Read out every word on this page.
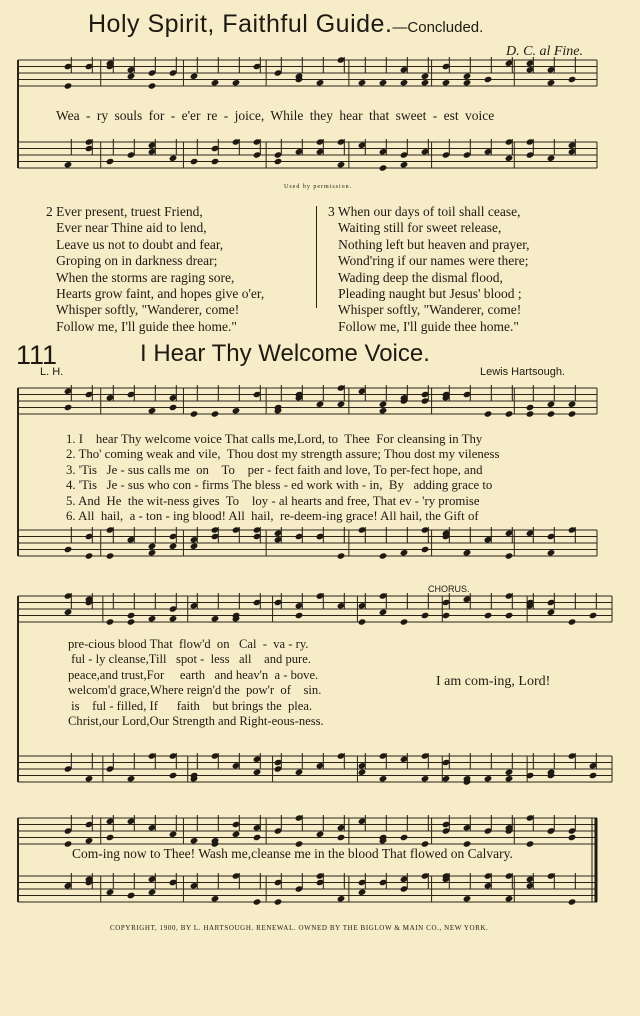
Holy Spirit, Faithful Guide.—Concluded.
D. C. al Fine.
Wea - ry souls for - e'er re - joice, While they hear that sweet - est voice
Used by permission.
2 Ever present, truest Friend,
Ever near Thine aid to lend,
Leave us not to doubt and fear,
Groping on in darkness drear;
When the storms are raging sore,
Hearts grow faint, and hopes give o'er,
Whisper softly, "Wanderer, come!
Follow me, I'll guide thee home."
3 When our days of toil shall cease,
Waiting still for sweet release,
Nothing left but heaven and prayer,
Wond'ring if our names were there;
Wading deep the dismal flood,
Pleading naught but Jesus' blood ;
Whisper softly, "Wanderer, come!
Follow me, I'll guide thee home."
111	I Hear Thy Welcome Voice.
L. H.	Lewis Hartsough.
1. I    hear Thy welcome voice That calls me,Lord, to  Thee  For cleansing in Thy
2. Tho' coming weak and vile,  Thou dost my strength assure; Thou dost my vileness
3. 'Tis   Je - sus calls me  on    To    per - fect faith and love, To per-fect hope, and
4. 'Tis   Je - sus who con - firms The bless - ed work with - in,  By   adding grace to
5. And  He  the wit-ness gives  To    loy - al hearts and free, That ev - 'ry promise
6. All  hail,  a - ton - ing blood! All  hail,  re-deem-ing grace! All hail, the Gift of
pre-cious blood That  flow'd  on   Cal  -  va - ry.
ful - ly cleanse,Till   spot -  less   all    and pure.
peace,and trust,For     earth   and heav'n  a - bove.
welcom'd grace,Where reign'd the  pow'r  of    sin.
is    ful - filled, If      faith    but brings the  plea.
Christ,our Lord,Our Strength and Right-eous-ness.
CHORUS.
I am com-ing, Lord!
Com-ing now to Thee! Wash me,cleanse me in the blood That flowed on Calvary.
COPYRIGHT, 1900, BY L. HARTSOUGH. RENEWAL. OWNED BY THE BIGLOW & MAIN CO., NEW YORK.
